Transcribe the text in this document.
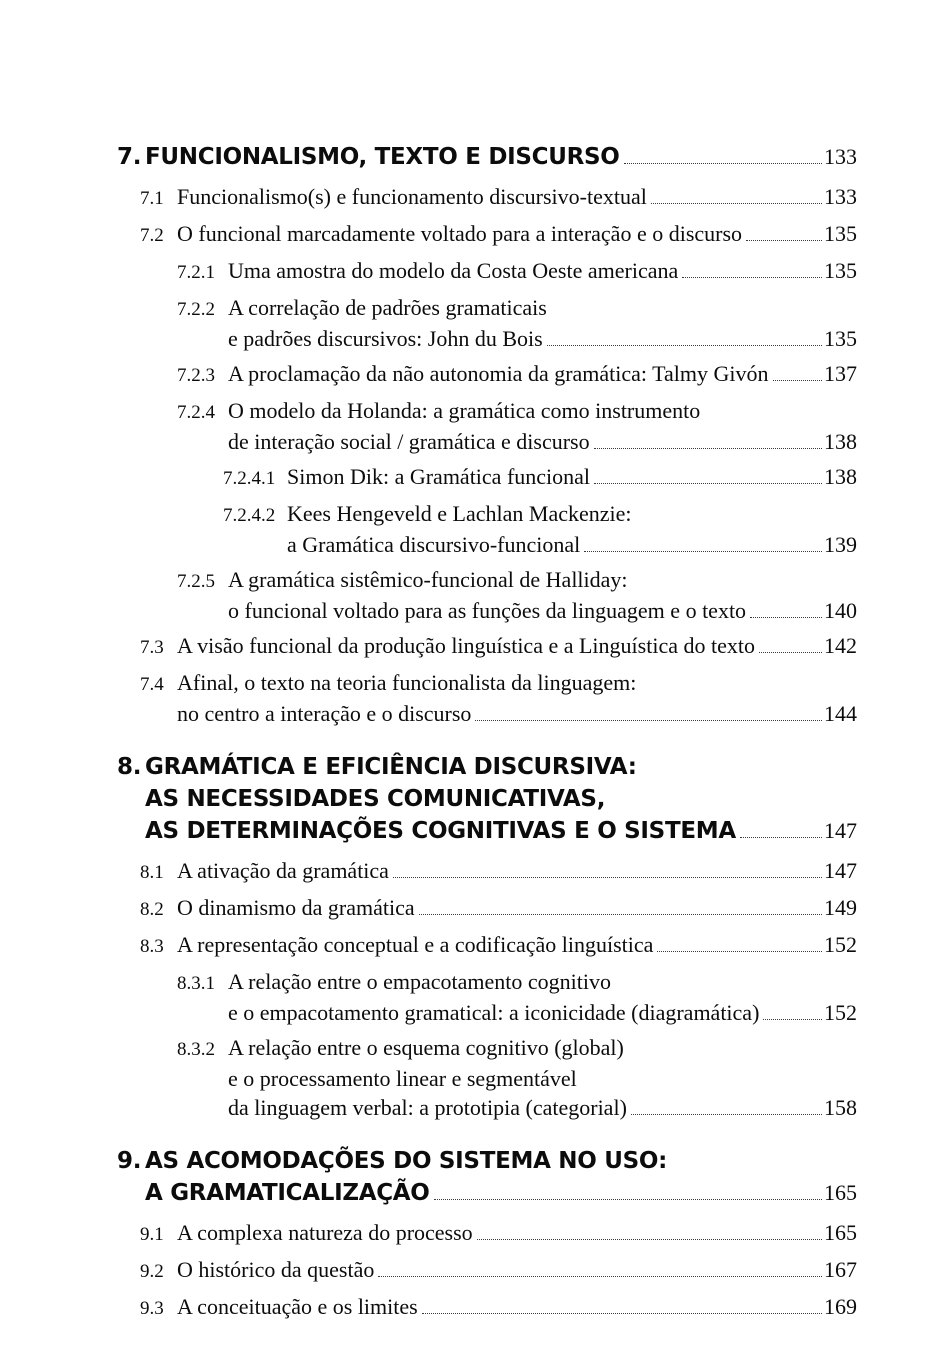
7. FUNCIONALISMO, TEXTO E DISCURSO	133
7.1 Funcionalismo(s) e funcionamento discursivo-textual	133
7.2 O funcional marcadamente voltado para a interação e o discurso	135
7.2.1 Uma amostra do modelo da Costa Oeste americana	135
7.2.2 A correlação de padrões gramaticais
e padrões discursivos: John du Bois	135
7.2.3 A proclamação da não autonomia da gramática: Talmy Givón	137
7.2.4 O modelo da Holanda: a gramática como instrumento
de interação social / gramática e discurso	138
7.2.4.1 Simon Dik: a Gramática funcional	138
7.2.4.2 Kees Hengeveld e Lachlan Mackenzie:
a Gramática discursivo-funcional	139
7.2.5 A gramática sistêmico-funcional de Halliday:
o funcional voltado para as funções da linguagem e o texto	140
7.3 A visão funcional da produção linguística e a Linguística do texto	142
7.4 Afinal, o texto na teoria funcionalista da linguagem:
no centro a interação e o discurso	144
8. GRAMÁTICA E EFICIÊNCIA DISCURSIVA:
AS NECESSIDADES COMUNICATIVAS,
AS DETERMINAÇÕES COGNITIVAS E O SISTEMA	147
8.1 A ativação da gramática	147
8.2 O dinamismo da gramática	149
8.3 A representação conceptual e a codificação linguística	152
8.3.1 A relação entre o empacotamento cognitivo
e o empacotamento gramatical: a iconicidade (diagramática)	152
8.3.2 A relação entre o esquema cognitivo (global)
e o processamento linear e segmentável
da linguagem verbal: a prototipia (categorial)	158
9. AS ACOMODAÇÕES DO SISTEMA NO USO:
A GRAMATICALIZAÇÃO	165
9.1 A complexa natureza do processo	165
9.2 O histórico da questão	167
9.3 A conceituação e os limites	169
